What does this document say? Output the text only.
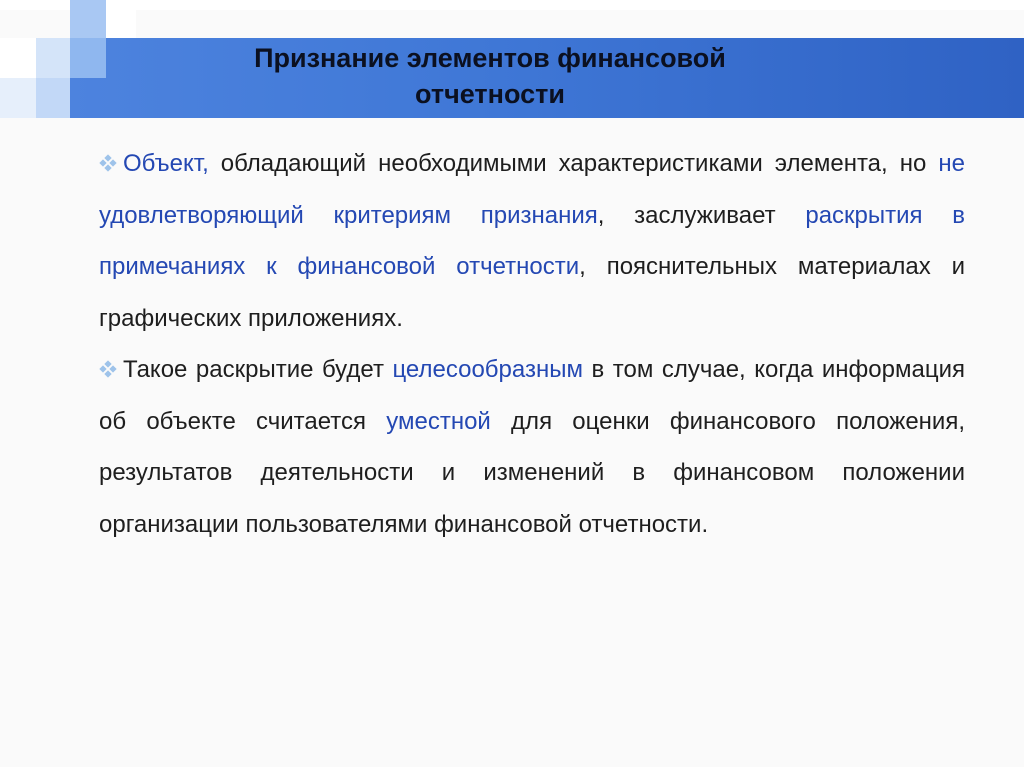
Признание элементов финансовой
отчетности

Объект, обладающий необходимыми характеристиками элемента, но не удовлетворяющий критериям признания, заслуживает раскрытия в примечаниях к финансовой отчетности, пояснительных материалах и графических приложениях.

Такое раскрытие будет целесообразным в том случае, когда информация об объекте считается уместной для оценки финансового положения, результатов деятельности и изменений в финансовом положении организации пользователями финансовой отчетности.
